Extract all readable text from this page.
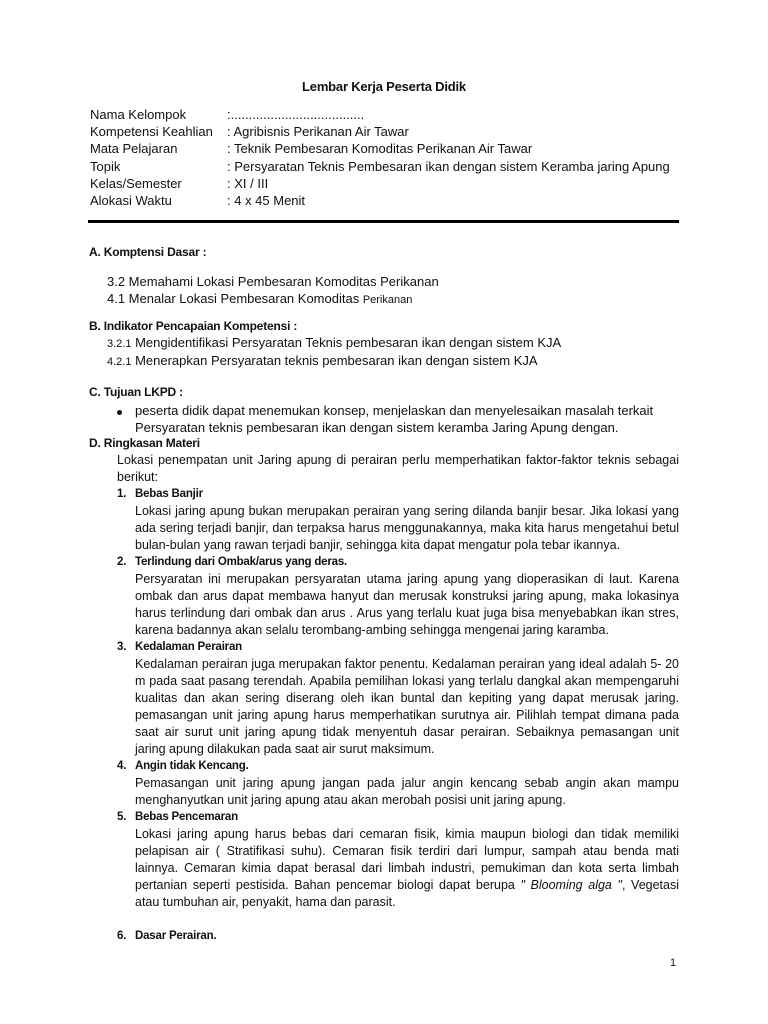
Lembar Kerja Peserta Didik
Nama Kelompok	:.....................................
Kompetensi Keahlian : Agribisnis Perikanan Air Tawar
Mata Pelajaran	: Teknik Pembesaran Komoditas Perikanan Air Tawar
Topik	: Persyaratan Teknis Pembesaran ikan dengan sistem Keramba jaring Apung
Kelas/Semester	: XI / III
Alokasi Waktu	: 4 x 45 Menit
A. Komptensi Dasar :
3.2 Memahami Lokasi Pembesaran Komoditas Perikanan
4.1 Menalar Lokasi Pembesaran Komoditas Perikanan
B. Indikator Pencapaian Kompetensi :
3.2.1 Mengidentifikasi Persyaratan Teknis pembesaran ikan dengan sistem KJA
4.2.1 Menerapkan Persyaratan teknis pembesaran ikan dengan sistem KJA
C. Tujuan LKPD :
peserta didik dapat menemukan konsep, menjelaskan dan menyelesaikan masalah terkait
Persyaratan teknis pembesaran ikan dengan sistem keramba Jaring Apung dengan.
D. Ringkasan Materi
Lokasi penempatan unit Jaring apung di perairan perlu memperhatikan faktor-faktor teknis sebagai berikut:
1. Bebas Banjir
Lokasi jaring apung bukan merupakan perairan yang sering dilanda banjir besar. Jika lokasi yang ada sering terjadi banjir, dan terpaksa harus menggunakannya, maka kita harus mengetahui betul bulan-bulan yang rawan terjadi banjir, sehingga kita dapat mengatur pola tebar ikannya.
2. Terlindung dari Ombak/arus yang deras.
Persyaratan ini merupakan persyaratan utama jaring apung yang dioperasikan di laut. Karena ombak dan arus dapat membawa hanyut dan merusak konstruksi jaring apung, maka lokasinya harus terlindung dari ombak dan arus . Arus yang terlalu kuat juga bisa menyebabkan ikan stres, karena badannya akan selalu terombang-ambing sehingga mengenai jaring karamba.
3. Kedalaman Perairan
Kedalaman perairan juga merupakan faktor penentu. Kedalaman perairan yang ideal adalah 5- 20 m pada saat pasang terendah. Apabila pemilihan lokasi yang terlalu dangkal akan mempengaruhi kualitas dan akan sering diserang oleh ikan buntal dan kepiting yang dapat merusak jaring. pemasangan unit jaring apung harus memperhatikan surutnya air. Pilihlah tempat dimana pada saat air surut unit jaring apung tidak menyentuh dasar perairan. Sebaiknya pemasangan unit jaring apung dilakukan pada saat air surut maksimum.
4. Angin tidak Kencang.
Pemasangan unit jaring apung jangan pada jalur angin kencang sebab angin akan mampu menghanyutkan unit jaring apung atau akan merobah posisi unit jaring apung.
5. Bebas Pencemaran
Lokasi jaring apung harus bebas dari cemaran fisik, kimia maupun biologi dan tidak memiliki pelapisan air ( Stratifikasi suhu). Cemaran fisik terdiri dari lumpur, sampah atau benda mati lainnya. Cemaran kimia dapat berasal dari limbah industri, pemukiman dan kota serta limbah pertanian seperti pestisida. Bahan pencemar biologi dapat berupa " Blooming alga ", Vegetasi atau tumbuhan air, penyakit, hama dan parasit.
6. Dasar Perairan.
1
